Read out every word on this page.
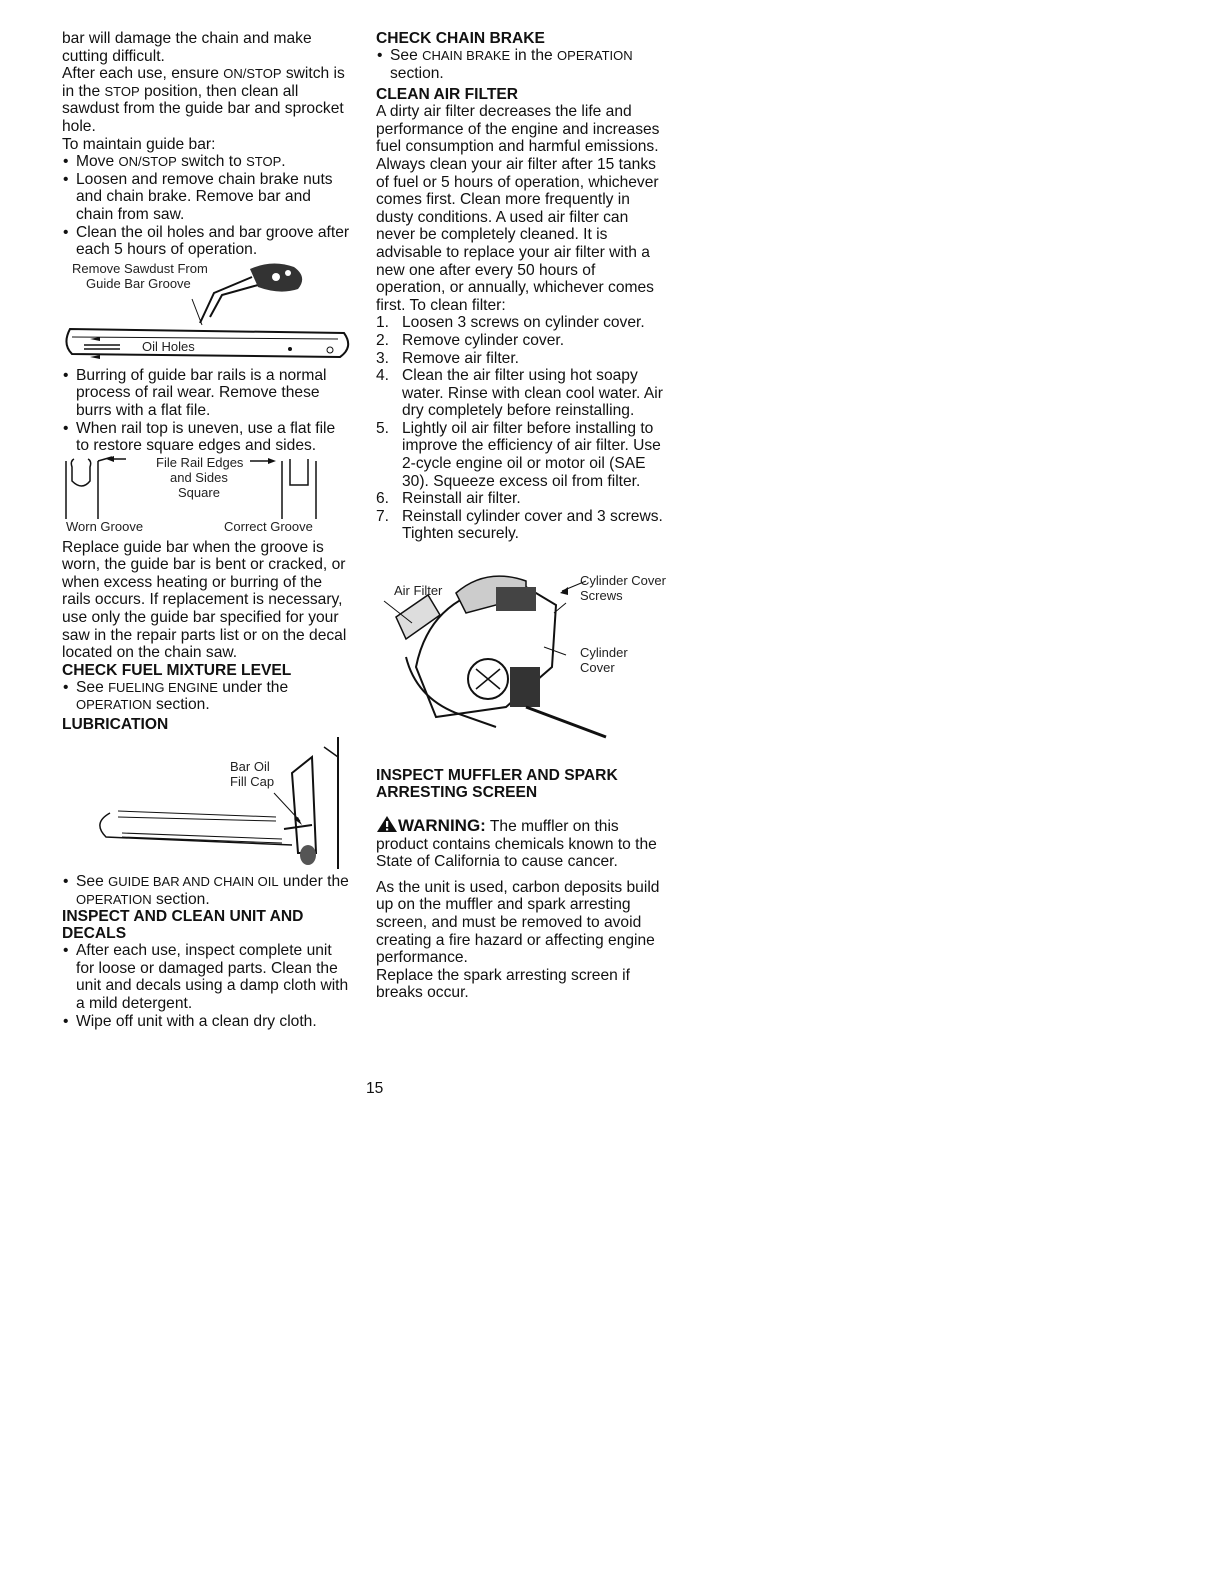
bar will damage the chain and make cutting difficult.

After each use, ensure ON/STOP switch is in the STOP position, then clean all sawdust from the guide bar and sprocket hole.

To maintain guide bar:

• Move ON/STOP switch to STOP.
• Loosen and remove chain brake nuts and chain brake. Remove bar and chain from saw.
• Clean the oil holes and bar groove after each 5 hours of operation.
Remove Sawdust From
Guide Bar Groove
Oil Holes
• Burring of guide bar rails is a normal process of rail wear. Remove these burrs with a flat file.
• When rail top is uneven, use a flat file to restore square edges and sides.
File Rail Edges
and Sides
Square
Worn Groove	Correct Groove

Replace guide bar when the groove is worn, the guide bar is bent or cracked, or when excess heating or burring of the rails occurs. If replacement is necessary, use only the guide bar specified for your saw in the repair parts list or on the decal located on the chain saw.

CHECK FUEL MIXTURE LEVEL

• See FUELING ENGINE under the OPERATION section.

LUBRICATION

Bar Oil
Fill Cap
• See GUIDE BAR AND CHAIN OIL under the OPERATION section.

INSPECT AND CLEAN UNIT AND DECALS

• After each use, inspect complete unit for loose or damaged parts. Clean the unit and decals using a damp cloth with a mild detergent.
• Wipe off unit with a clean dry cloth.

CHECK CHAIN BRAKE

• See CHAIN BRAKE in the OPERATION section.

CLEAN AIR FILTER

A dirty air filter decreases the life and performance of the engine and increases fuel consumption and harmful emissions. Always clean your air filter after 15 tanks of fuel or 5 hours of operation, whichever comes first. Clean more frequently in dusty conditions. A used air filter can never be completely cleaned. It is advisable to replace your air filter with a new one after every 50 hours of operation, or annually, whichever comes first. To clean filter:

1. Loosen 3 screws on cylinder cover.
2. Remove cylinder cover.
3. Remove air filter.
4. Clean the air filter using hot soapy water. Rinse with clean cool water. Air dry completely before reinstalling.
5. Lightly oil air filter before installing to improve the efficiency of air filter. Use 2-cycle engine oil or motor oil (SAE 30). Squeeze excess oil from filter.
6. Reinstall air filter.
7. Reinstall cylinder cover and 3 screws. Tighten securely.
Air Filter
Cylinder Cover
Screws
Cylinder
Cover

INSPECT MUFFLER AND SPARK ARRESTING SCREEN

WARNING: The muffler on this product contains chemicals known to the State of California to cause cancer.

As the unit is used, carbon deposits build up on the muffler and spark arresting screen, and must be removed to avoid creating a fire hazard or affecting engine performance.

Replace the spark arresting screen if breaks occur.

15
